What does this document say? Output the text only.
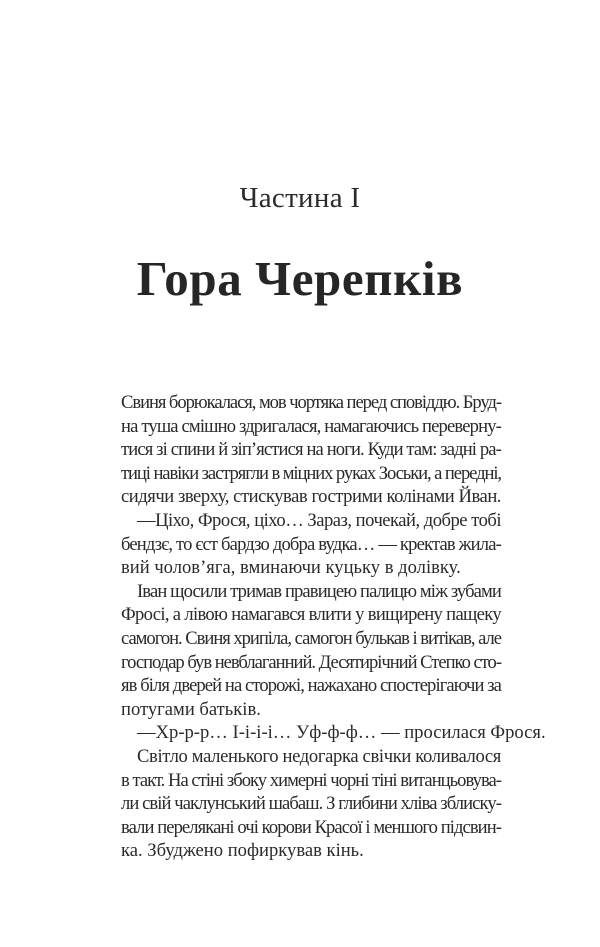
Частина I
Гора Черепків
Свиня борюкалася, мов чортяка перед сповіддю. Бруд-
на туша смішно здригалася, намагаючись переверну-
тися зі спини й зіп’ястися на ноги. Куди там: задні ра-
тиці навіки застрягли в міцних руках Зоськи, а передні,
сидячи зверху, стискував гострими колінами Йван.
—Ціхо, Фрося, ціхо… Зараз, почекай, добре тобі
бендзє, то єст бардзо добра вудка… — кректав жила-
вий чолов’яга, вминаючи куцьку в долівку.
Іван щосили тримав правицею палицю між зубами
Фросі, а лівою намагався влити у вищирену пащеку
самогон. Свиня хрипіла, самогон булькав і витікав, але
господар був невблаганний. Десятирічний Степко сто-
яв біля дверей на сторожі, нажахано спостерігаючи за
потугами батьків.
—Хр-р-р… І-і-і-і… Уф-ф-ф… — просилася Фрося.
Світло маленького недогарка свічки коливалося
в такт. На стіні збоку химерні чорні тіні витанцьовува-
ли свій чаклунський шабаш. З глибини хліва зблиску-
вали перелякані очі корови Красої і меншого підсвин-
ка. Збуджено пофиркував кінь.
